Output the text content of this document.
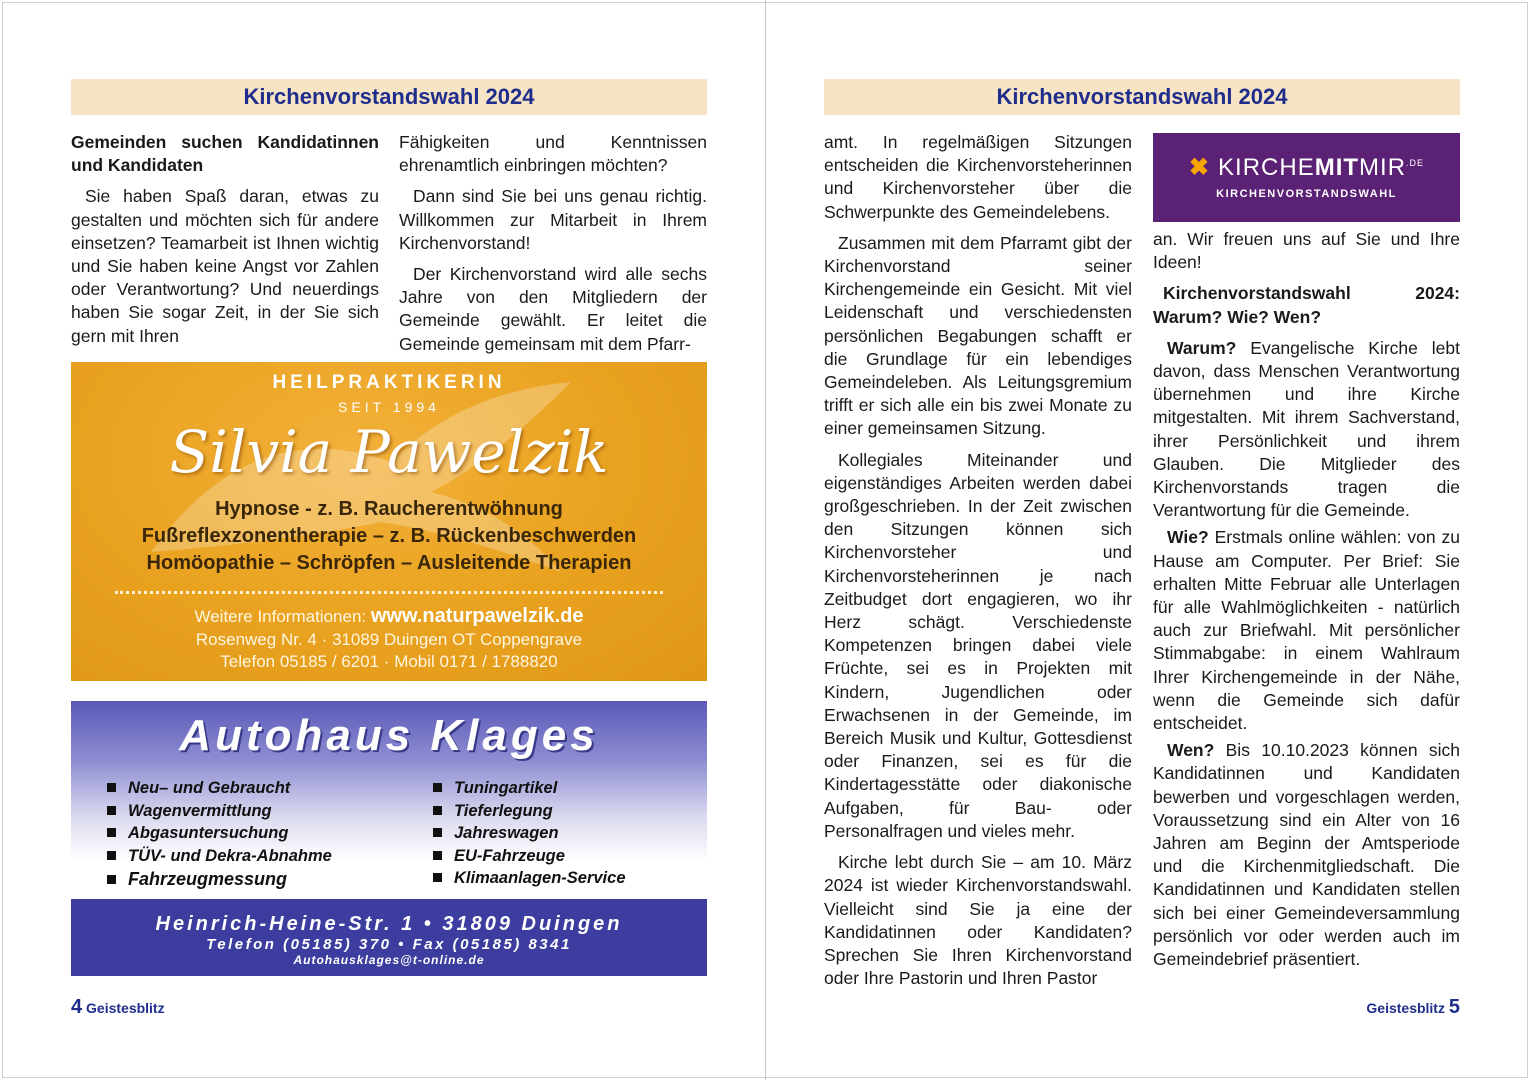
Kirchenvorstandswahl 2024
Gemeinden suchen Kandidatinnen und Kandidaten

Sie haben Spaß daran, etwas zu gestalten und möchten sich für andere einsetzen? Teamarbeit ist Ihnen wichtig und Sie haben keine Angst vor Zahlen oder Verantwortung? Und neuerdings haben Sie sogar Zeit, in der Sie sich gern mit Ihren

Fähigkeiten und Kenntnissen ehrenamtlich einbringen möchten?

Dann sind Sie bei uns genau richtig. Willkommen zur Mitarbeit in Ihrem Kirchenvorstand!

Der Kirchenvorstand wird alle sechs Jahre von den Mitgliedern der Gemeinde gewählt. Er leitet die Gemeinde gemeinsam mit dem Pfarr-

HEILPRAKTIKERIN
SEIT 1994
Silvia Pawelzik
Hypnose - z. B. Raucherentwöhnung
Fußreflexzonentherapie – z. B. Rückenbeschwerden
Homöopathie – Schröpfen – Ausleitende Therapien
Weitere Informationen: www.naturpawelzik.de
Rosenweg Nr. 4 · 31089 Duingen OT Coppengrave
Telefon 05185 / 6201 · Mobil 0171 / 1788820
Autohaus Klages
Neu– und Gebraucht
Wagenvermittlung
Abgasuntersuchung
TÜV- und Dekra-Abnahme
Fahrzeugmessung
Tuningartikel
Tieferlegung
Jahreswagen
EU-Fahrzeuge
Klimaanlagen-Service
Heinrich-Heine-Str. 1 • 31809 Duingen
Telefon (05185) 370 • Fax (05185) 8341
Autohausklages@t-online.de
4 Geistesblitz
Kirchenvorstandswahl 2024

amt. In regelmäßigen Sitzungen entscheiden die Kirchenvorsteherinnen und Kirchenvorsteher über die Schwerpunkte des Gemeindelebens.

Zusammen mit dem Pfarramt gibt der Kirchenvorstand seiner Kirchengemeinde ein Gesicht. Mit viel Leidenschaft und verschiedensten persönlichen Begabungen schafft er die Grundlage für ein lebendiges Gemeindeleben. Als Leitungsgremium trifft er sich alle ein bis zwei Monate zu einer gemeinsamen Sitzung.

Kollegiales Miteinander und eigenständiges Arbeiten werden dabei großgeschrieben. In der Zeit zwischen den Sitzungen können sich Kirchenvorsteher und Kirchenvorsteherinnen je nach Zeitbudget dort engagieren, wo ihr Herz schägt. Verschiedenste Kompetenzen bringen dabei viele Früchte, sei es in Projekten mit Kindern, Jugendlichen oder Erwachsenen in der Gemeinde, im Bereich Musik und Kultur, Gottesdienst oder Finanzen, sei es für die Kindertagesstätte oder diakonische Aufgaben, für Bau- oder Personalfragen und vieles mehr.

Kirche lebt durch Sie – am 10. März 2024 ist wieder Kirchenvorstandswahl. Vielleicht sind Sie ja eine der Kandidatinnen oder Kandidaten? Sprechen Sie Ihren Kirchenvorstand oder Ihre Pastorin und Ihren Pastor

✖ $KIRCHEMITMIR^{.DE}$
KIRCHENVORSTANDSWAHL

an. Wir freuen uns auf Sie und Ihre Ideen!

Kirchenvorstandswahl 2024: Warum? Wie? Wen?

Warum? Evangelische Kirche lebt davon, dass Menschen Verantwortung übernehmen und ihre Kirche mitgestalten. Mit ihrem Sachverstand, ihrer Persönlichkeit und ihrem Glauben. Die Mitglieder des Kirchenvorstands tragen die Verantwortung für die Gemeinde.

Wie? Erstmals online wählen: von zu Hause am Computer. Per Brief: Sie erhalten Mitte Februar alle Unterlagen für alle Wahlmöglichkeiten - natürlich auch zur Briefwahl. Mit persönlicher Stimmabgabe: in einem Wahlraum Ihrer Kirchengemeinde in der Nähe, wenn die Gemeinde sich dafür entscheidet.

Wen? Bis 10.10.2023 können sich Kandidatinnen und Kandidaten bewerben und vorgeschlagen werden, Voraussetzung sind ein Alter von 16 Jahren am Beginn der Amtsperiode und die Kirchenmitgliedschaft. Die Kandidatinnen und Kandidaten stellen sich bei einer Gemeindeversammlung persönlich vor oder werden auch im Gemeindebrief präsentiert.

Geistesblitz 5
